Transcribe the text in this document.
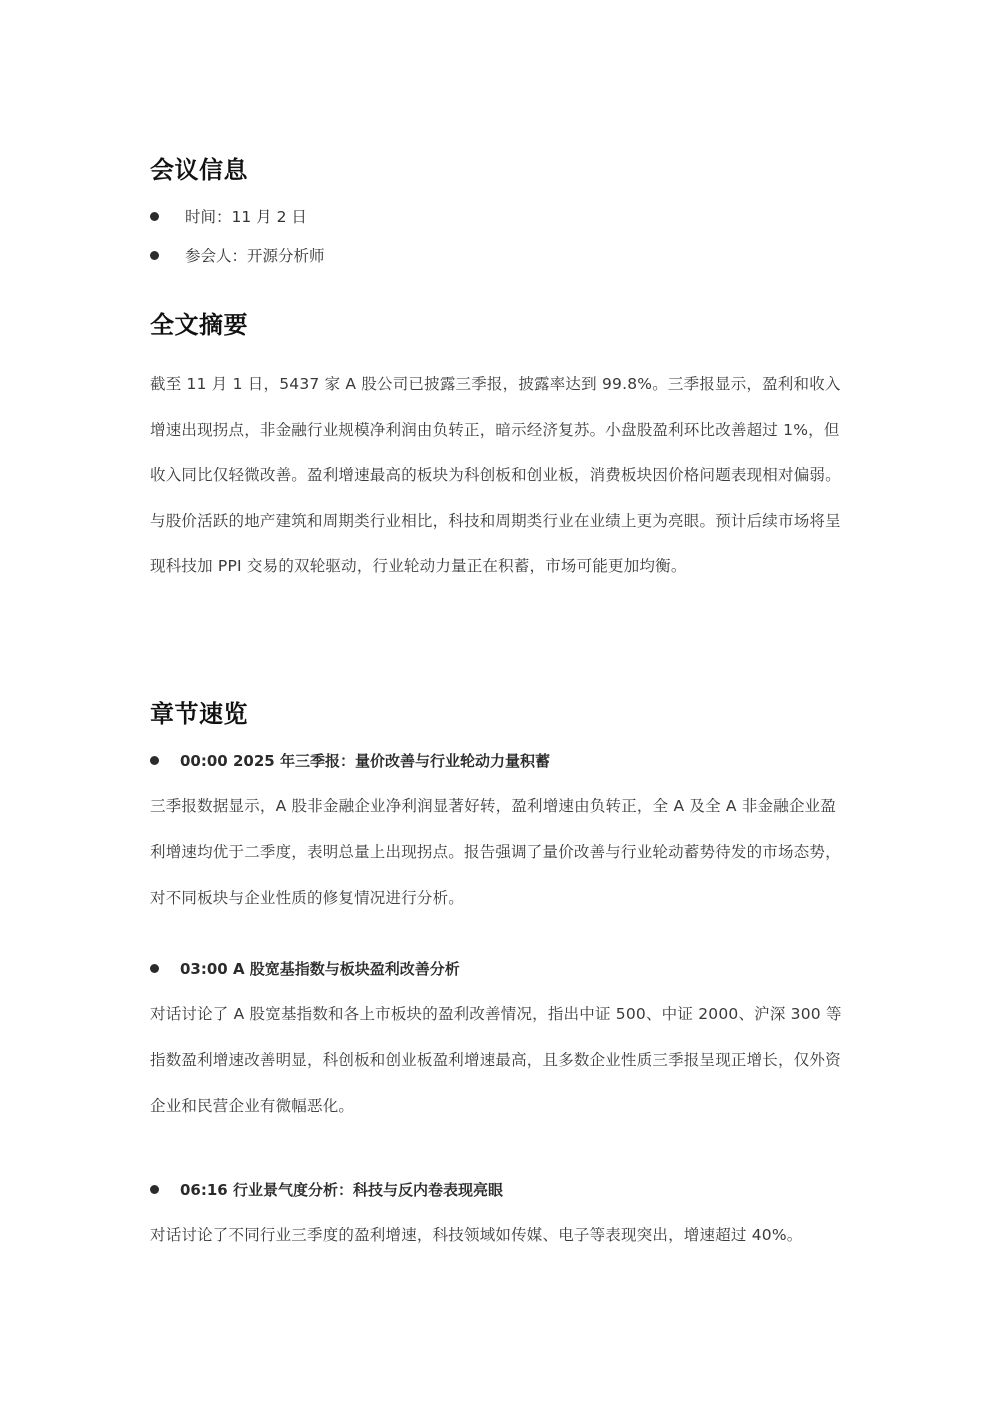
会议信息
时间：11 月 2 日
参会人：开源分析师
全文摘要

截至 11 月 1 日，5437 家 A 股公司已披露三季报，披露率达到 99.8%。三季报显示，盈利和收入增速出现拐点，非金融行业规模净利润由负转正，暗示经济复苏。小盘股盈利环比改善超过 1%，但收入同比仅轻微改善。盈利增速最高的板块为科创板和创业板，消费板块因价格问题表现相对偏弱。与股价活跃的地产建筑和周期类行业相比，科技和周期类行业在业绩上更为亮眼。预计后续市场将呈现科技加 PPI 交易的双轮驱动，行业轮动力量正在积蓄，市场可能更加均衡。

章节速览
00:00 2025 年三季报：量价改善与行业轮动力量积蓄

三季报数据显示，A 股非金融企业净利润显著好转，盈利增速由负转正，全 A 及全 A 非金融企业盈利增速均优于二季度，表明总量上出现拐点。报告强调了量价改善与行业轮动蓄势待发的市场态势，对不同板块与企业性质的修复情况进行分析。

03:00 A 股宽基指数与板块盈利改善分析

对话讨论了 A 股宽基指数和各上市板块的盈利改善情况，指出中证 500、中证 2000、沪深 300 等指数盈利增速改善明显，科创板和创业板盈利增速最高，且多数企业性质三季报呈现正增长，仅外资企业和民营企业有微幅恶化。

06:16 行业景气度分析：科技与反内卷表现亮眼

对话讨论了不同行业三季度的盈利增速，科技领域如传媒、电子等表现突出，增速超过 40%。
